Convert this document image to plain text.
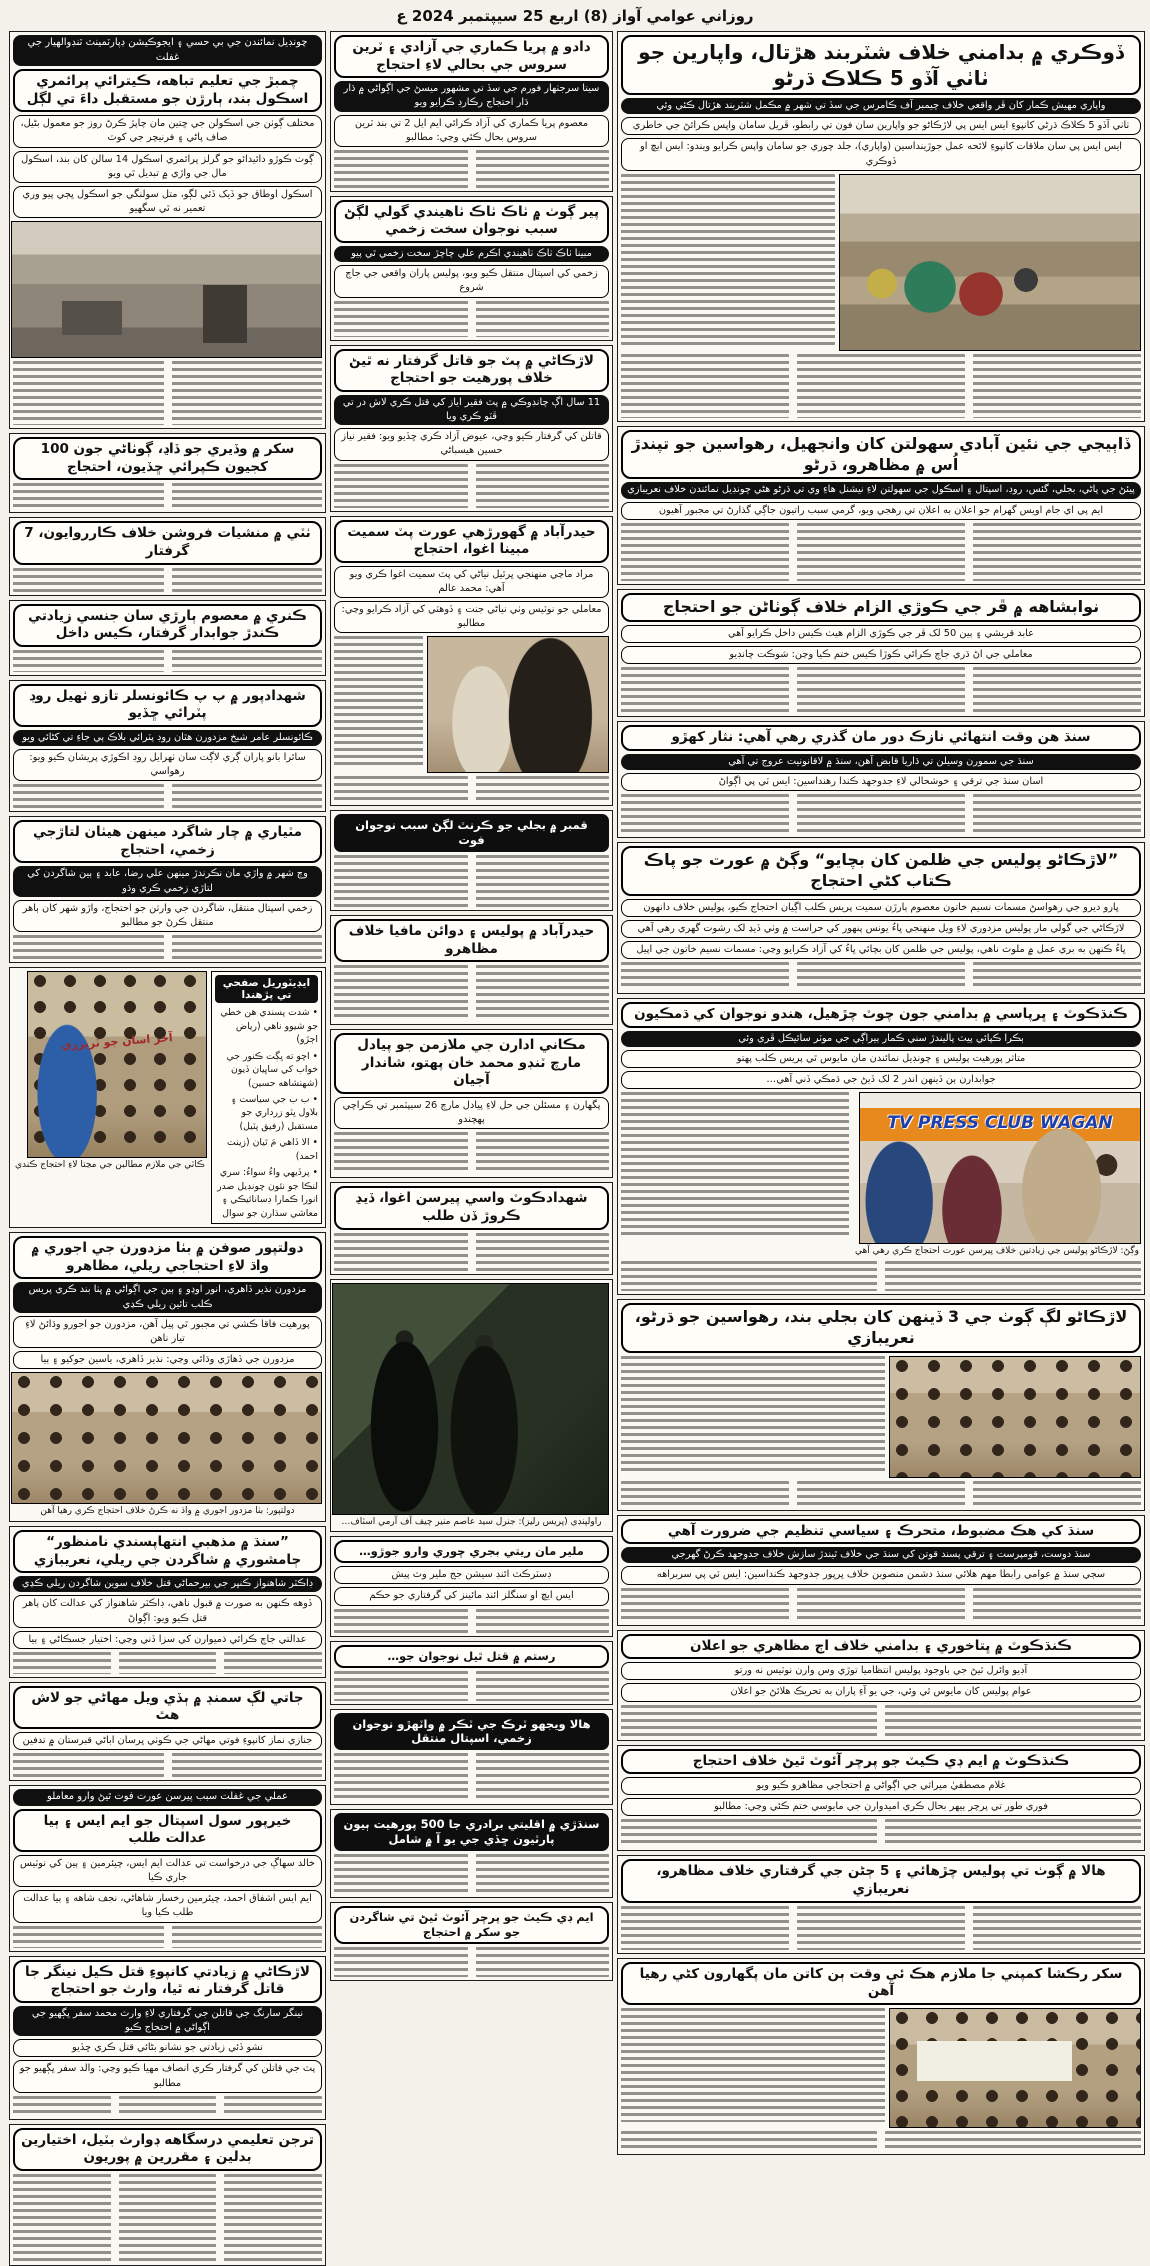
روزاني عوامي آواز (8) اربع 25 سيپتمبر 2024 ع
ڏوڪري ۾ بدامني خلاف شٽربند هڙتال، واپارين جو ٺاٺي آڏو 5 ڪلاڪ ڌرڻو
واپاري مهيش ڪمار کان ڦر واقعي خلاف چيمبر آف ڪامرس جي سڏ تي شهر ۾ مڪمل شٽربند هڙتال ڪئي وئي
ٺاٺي آڏو 5 ڪلاڪ ڌرڻي کانپوءِ ايس ايس پي لاڙڪاڻو جو واپارين سان فون تي رابطو، ڦريل سامان واپس ڪرائڻ جي خاطري
ايس ايس پي سان ملاقات کانپوءِ لائحه عمل جوڙينداسين (واپاري)، جلد چوري جو سامان واپس ڪرايو ويندو: ايس ايڇ او ڏوڪري
ڏاٻيجي جي نئين آبادي سهولتن کان وانجهيل، رهواسين جو تپندڙ اُس ۾ مظاهرو، ڌرڻو
پيئڻ جي پاڻي، بجلي، گئس، روڊ، اسپتال ۽ اسڪول جي سهولتن لاءِ نيشنل هاءِ وي تي ڌرڻو هڻي چونڊيل نمائندن خلاف نعريبازي
ايم پي اي جام اويس گهرام جو اعلان به اعلان تي رهجي ويو، گرمي سبب راتيون جاڳي گذارڻ تي مجبور آهيون
نوابشاهه ۾ ڦر جي ڪوڙي الزام خلاف ڳوٺاڻن جو احتجاج
عابد قريشي ۽ ٻين 50 لک ڦر جي ڪوڙي الزام هيٺ ڪيس داخل ڪرايو آهي
معاملي جي اڻ ڌري جاچ ڪرائي ڪوڙا ڪيس ختم ڪيا وڃن: شوڪت چانڊيو
سنڌ هن وقت انتهائي نازڪ دور مان گذري رهي آهي: نثار کهڙو
سنڌ جي سمورن وسيلن تي ڌاريا قابض آهن، سنڌ ۾ لاقانونيت عروج تي آهي
اسان سنڌ جي ترقي ۽ خوشحالي لاءِ جدوجهد ڪندا رهنداسين: ايس ٽي پي اڳواڻ
”لاڙڪاڻو پوليس جي ظلمن کان بچايو“ وڳڻ ۾ عورت جو پاڪ ڪتاب کڻي احتجاج
ڀارو ديرو جي رهواسڻ مسمات نسيم خاتون معصوم ٻارڙن سميت پريس ڪلب اڳيان احتجاج ڪيو، پوليس خلاف دانهون
لاڙڪاڻي جي گولي مار پوليس مزدوري لاءِ ويل منهنجي ڀاءُ يونس پنهور کي حراست ۾ وٺي ڏيڍ لک رشوت گهري رهي آهي
ڀاءُ ڪنهن به بري عمل ۾ ملوث ناهي، پوليس جي ظلمن کان بچائي ڀاءُ کي آزاد ڪرايو وڃي: مسمات نسيم خاتون جي اپيل
ڪنڌڪوٽ ۽ ڀرپاسي ۾ بدامني جون چوٽ چڙهيل، هندو نوجوان کي ڌمڪيون
ٻڪرا ڪپائي پيٽ پاليندڙ سني ڪمار ٻيراڳي جي موٽر سائيڪل ڦري وئي
متاثر پورهيت پوليس ۽ چونڊيل نمائندن مان مايوس ٿي پريس ڪلب پهتو
جوابدارن ٻن ڏينهن اندر 2 لک ڏيڻ جي ڌمڪي ڏني آهي…
TV PRESS CLUB WAGAN
وڳڻ: لاڙڪاڻو پوليس جي زيادتين خلاف پيرسن عورت احتجاج ڪري رهي آهي
لاڙڪاڻو لڳ ڳوٺ جي 3 ڏينهن کان بجلي بند، رهواسين جو ڌرڻو، نعريبازي
سنڌ کي هڪ مضبوط، متحرڪ ۽ سياسي تنظيم جي ضرورت آهي
سنڌ دوست، قومپرست ۽ ترقي پسند قوتن کي سنڌ جي خلاف ٿيندڙ سازش خلاف جدوجهد ڪرڻ گهرجي
سڄي سنڌ ۾ عوامي رابطا مهم هلائي سنڌ دشمن منصوبن خلاف ڀرپور جدوجهد ڪنداسين: ايس ٽي پي سربراهه
ڪنڌڪوٽ ۾ ڀتاخوري ۽ بدامني خلاف اڄ مظاهري جو اعلان
آڊيو وائرل ٿيڻ جي باوجود پوليس انتظاميا توڙي وس وارن نوٽيس نه ورتو
عوام پوليس کان مايوس ٿي وئي، جي يو آءِ پاران به تحريڪ هلائڻ جو اعلان
ڪنڌڪوٽ ۾ ايم ڊي ڪيٽ جو پرچر آئوٽ ٿيڻ خلاف احتجاج
غلام مصطفيٰ ميراثي جي اڳواڻي ۾ احتجاجي مظاهرو ڪيو ويو
فوري طور تي پرچر ٻيهر بحال ڪري اميدوارن جي مايوسي ختم ڪئي وڃي: مطالبو
هالا ۾ ڳوٺ تي پوليس چڙهائي ۽ 5 ڄڻن جي گرفتاري خلاف مظاهرو، نعريبازي
سکر رڪشا کمپني جا ملازم هڪ ئي وقت ٻن کاتن مان پگهارون کڻي رهيا آهن
دادو ۾ پريا ڪماري جي آزادي ۽ ٽرين سروس جي بحالي لاءِ احتجاج
سيتا سرجٺهار فورم جي سڏ تي مشهور ميسڻ جي اڳواڻي ۾ ڌار ڌار احتجاج رڪارڊ ڪرايو ويو
معصوم پريا ڪماري کي آزاد ڪرائي ايم ايل 2 تي بند ٽرين سروس بحال ڪئي وڃي: مطالبو
پير ڳوٺ ۾ ٺاڪ ٺاڪ ٺاهيندي گولي لڳڻ سبب نوجوان سخت زخمي
مبينا ٺاڪ ٺاڪ ٺاهيندي اڪرم علي چاچڙ سخت زخمي ٿي پيو
زخمي کي اسپتال منتقل ڪيو ويو، پوليس پاران واقعي جي جاچ شروع
لاڙڪاڻي ۾ پٽ جو قاتل گرفتار نه ٿيڻ خلاف پورهيت جو احتجاج
11 سال اڳ چانڊوڪي ۾ پٽ فقير اياز کي قتل ڪري لاش در تي ڦٽو ڪري ويا
قاتلن کي گرفتار ڪيو وڃي، عيوض آزاد ڪري ڇڏيو ويو: فقير نياز حسين هيسباڻي
حيدرآباد ۾ گهورڙهي عورت پٽ سميت مبينا اغوا، احتجاج
مراد ماڃي منهنجي ڀرٿيل نياڻي کي پٽ سميت اغوا ڪري ويو آهي: محمد عالم
معاملي جو نوٽيس وٺي نياڻي جنت ۽ ڏوهٽي کي آزاد ڪرايو وڃي: مطالبو
قمبر ۾ بجلي جو ڪرنٽ لڳڻ سبب نوجوان فوت
حيدرآباد ۾ پوليس ۽ دوائن مافيا خلاف مظاهرو
مڪاني ادارن جي ملازمن جو پيادل مارچ ٽنڊو محمد خان پهتو، شاندار آجيان
پگهارن ۽ مسئلن جي حل لاءِ پيادل مارچ 26 سيپٽمبر تي ڪراچي پهچندو
شهدادڪوٽ واسي پيرسن اغوا، ڏيڍ ڪروڙ ڏن طلب
راولپنڊي (پريس رليز): جنرل سيد عاصم منير چيف آف آرمي اسٽاف…
ملير مان ريتي بجري چوري وارو جوڙو…
ڊسٽرڪٽ ائنڊ سيشن جج ملير وٽ پيش
ايس ايڇ او سنگلز ائنڊ مائينز کي گرفتاري جو حڪم
رستم ۾ قتل ٿيل نوجوان جو…
هالا ويجهو ٽرڪ جي ٽڪر ۾ واٽهڙو نوجوان زخمي، اسپتال منتقل
سنڌڙي ۾ اقليتي برادري جا 500 پورهيت ٻيون پارٽيون ڇڏي جي يو آ ۾ شامل
ايم ڊي ڪيٽ جو پرچر آئوٽ ٿيڻ تي شاگردن جو سکر ۾ احتجاج
چونڊيل نمائندن جي بي حسي ۽ ايجوڪيشن ڊپارٽمينٽ ٽنڊوالهيار جي غفلت
چمبڙ جي تعليم تباهه، ڪيترائي پرائمري اسڪول بند، ٻارڙن جو مستقبل داءَ تي لڳل
مختلف ڳوٺن جي اسڪولن جي ڇتين مان چاپڙ ڪرڻ روز جو معمول بڻيل، صاف پاڻي ۽ فرنيچر جي کوٽ
ڳوٺ ڪوڙو دائيدائو جو گرلز پرائمري اسڪول 14 سالن کان بند، اسڪول مال جي واڙي ۾ تبديل ٿي ويو
اسڪول اوطاق جو ڏيک ڏئي لڳو، متل سولنگي جو اسڪول ڀڄي پيو وري تعمير نه ٿي سگهيو
سکر ۾ وڏيري جو ڏاڍ، ڳوٺاڻي جون 100 کجيون ڪپرائي ڇڏيون، احتجاج
ٺٽي ۾ منشيات فروشن خلاف ڪارروايون، 7 گرفتار
ڪنري ۾ معصوم ٻارڙي سان جنسي زيادتي ڪندڙ جوابدار گرفتار، ڪيس داخل
شهدادپور ۾ پ پ ڪائونسلر تازو ٺهيل روڊ پٽرائي ڇڏيو
ڪائونسلر عامر شيخ مزدورن هٿان روڊ پٽرائي بلاڪ ٻي جاءِ تي کڻائي ويو
سائرا بانو پاران ڳري لاڳت سان ٺهرايل روڊ اڪوڙي پريشان ڪيو ويو: رهواسي
مٽياري ۾ چار شاگرد مينهن هيٺان لتاڙجي زخمي، احتجاج
وچ شهر ۾ واڙي مان نڪرندڙ مينهن علي رضا، عابد ۽ ٻين شاگردن کي لتاڙي زخمي ڪري وڌو
زخمي اسپتال منتقل، شاگردن جي وارثن جو احتجاج، واڙو شهر کان ٻاهر منتقل ڪرڻ جو مطالبو
ايڊيٽوريل صفحي تي پڙهندا
• شدت پسندي هن خطي جو شيوو ناهي (رياض اڄڙو)
• اچو ته ڀڳت ڪنور جي خواب کي ساڀيان ڏيون (شهنشاهه حسين)
• ب ب جي سياست ۽ بلاول ڀٽو زرداري جو مستقبل (رفيق پٽيل)
• الا ڏاهي مَ ٿيان (زينت احمد)
• پرڏيهي واءُ سواءُ: سري لنڪا جو نئون چونڊيل صدر انورا ڪمارا ڊسانائيڪي ۽ معاشي سڌارن جو سوال
آخر اسان جو ٽريزري
ڪاٽي جي ملازم مطالبن جي مڃتا لاءِ احتجاج ڪندي
دولتپور صوفن ۾ بٺا مزدورن جي اجوري ۾ واڌ لاءِ احتجاجي ريلي، مظاهرو
مزدورن نذير ڏاهري، انور اوڍو ۽ ٻين جي اڳواڻي ۾ ڀٺا بند ڪري پريس ڪلب تائين ريلي ڪڍي
پورهيت فاقا ڪشي تي مجبور ٿي پيل آهن، مزدورن جو اجورو وڌائڻ لاءِ تيار ناهن
مزدورن جي ڏهاڙي وڌائي وڃي: نذير ڏاهري، ياسين جوکيو ۽ ٻيا
دولتپور: بٺا مزدور اجوري ۾ واڌ نه ڪرڻ خلاف احتجاج ڪري رهيا آهن
”سنڌ ۾ مذهبي انتهاپسندي نامنظور“ ڄامشوري ۾ شاگردن جي ريلي، نعريبازي
ڊاڪٽر شاهنواز ڪنڀر جي بيرحماڻي قتل خلاف سوين شاگردن ريلي ڪڍي
ڏوهه ڪنهن به صورت ۾ قبول ناهي، ڊاڪٽر شاهنواز کي عدالت کان ٻاهر قتل ڪيو ويو: اڳواڻ
عدالتي جاچ ڪرائي ذميوارن کي سزا ڏني وڃي: اختيار جسڪاڻي ۽ ٻيا
جاتي لڳ سمنڊ ۾ ٻڏي ويل مهاڻي جو لاش هٿ
جنازي نماز کانپوءِ فوتي مهاڻي جي ڪوٺي ڀرسان اباڻي قبرستان ۾ تدفين
عملي جي غفلت سبب پيرسن عورت فوت ٿيڻ وارو معاملو
خيرپور سول اسپتال جو ايم ايس ۽ ٻيا عدالت طلب
خالد سهاڳ جي درخواست تي عدالت ايم ايس، چيئرمين ۽ ٻين کي نوٽيس جاري ڪيا
ايم ايس اشفاق احمد، چيئرمين رخسار شاهاڻي، نجف شاهه ۽ ٻيا عدالت طلب ڪيا ويا
لاڙڪاڻي ۾ زيادتي کانپوءِ قتل ڪيل نينگر جا قاتل گرفتار نه ٿيا، وارث جو احتجاج
نينگر سارنگ جي قاتلن جي گرفتاري لاءِ وارث محمد سفر ڀڳهيو جي اڳواڻي ۾ احتجاج ڪيو
نشو ڏئي زيادتي جو نشانو بڻائي قتل ڪري ڇڏيو
پٽ جي قاتلن کي گرفتار ڪري انصاف مهيا ڪيو وڃي: والد سفر ڀڳهيو جو مطالبو
ترجن تعليمي درسگاهه ڊوارث بٽيل، اختيارين بدلين ۽ مقررين ۾ پوريون
